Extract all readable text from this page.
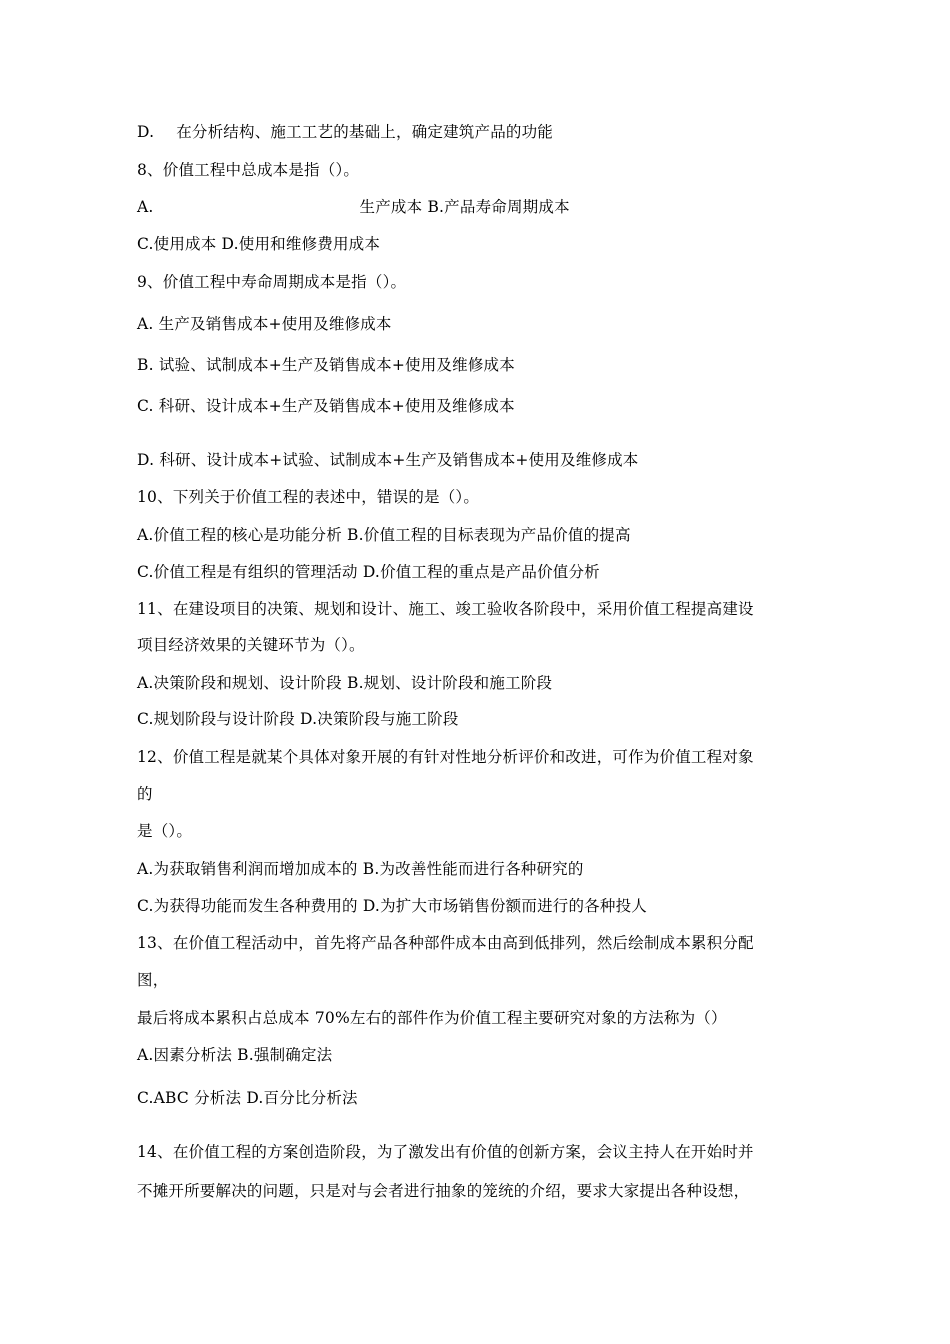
D. 在分析结构、施工工艺的基础上，确定建筑产品的功能
8、价值工程中总成本是指（）。
A.	生产成本 B.产品寿命周期成本
C.使用成本 D.使用和维修费用成本
9、价值工程中寿命周期成本是指（）。
A. 生产及销售成本+使用及维修成本
B. 试验、试制成本+生产及销售成本+使用及维修成本
C. 科研、设计成本+生产及销售成本+使用及维修成本
D. 科研、设计成本+试验、试制成本+生产及销售成本+使用及维修成本
10、下列关于价值工程的表述中，错误的是（）。
A.价值工程的核心是功能分析 B.价值工程的目标表现为产品价值的提高
C.价值工程是有组织的管理活动 D.价值工程的重点是产品价值分析
11、在建设项目的决策、规划和设计、施工、竣工验收各阶段中，采用价值工程提高建设
项目经济效果的关键环节为（）。
A.决策阶段和规划、设计阶段 B.规划、设计阶段和施工阶段
C.规划阶段与设计阶段 D.决策阶段与施工阶段
12、价值工程是就某个具体对象开展的有针对性地分析评价和改进，可作为价值工程对象
的
是（）。
A.为获取销售利润而增加成本的 B.为改善性能而进行各种研究的
C.为获得功能而发生各种费用的 D.为扩大市场销售份额而进行的各种投人
13、在价值工程活动中，首先将产品各种部件成本由高到低排列，然后绘制成本累积分配
图，
最后将成本累积占总成本 70%左右的部件作为价值工程主要研究对象的方法称为（）
A.因素分析法 B.强制确定法
C.ABC 分析法 D.百分比分析法
14、在价值工程的方案创造阶段，为了激发出有价值的创新方案，会议主持人在开始时并
不摊开所要解决的问题，只是对与会者进行抽象的笼统的介绍，要求大家提出各种设想，
